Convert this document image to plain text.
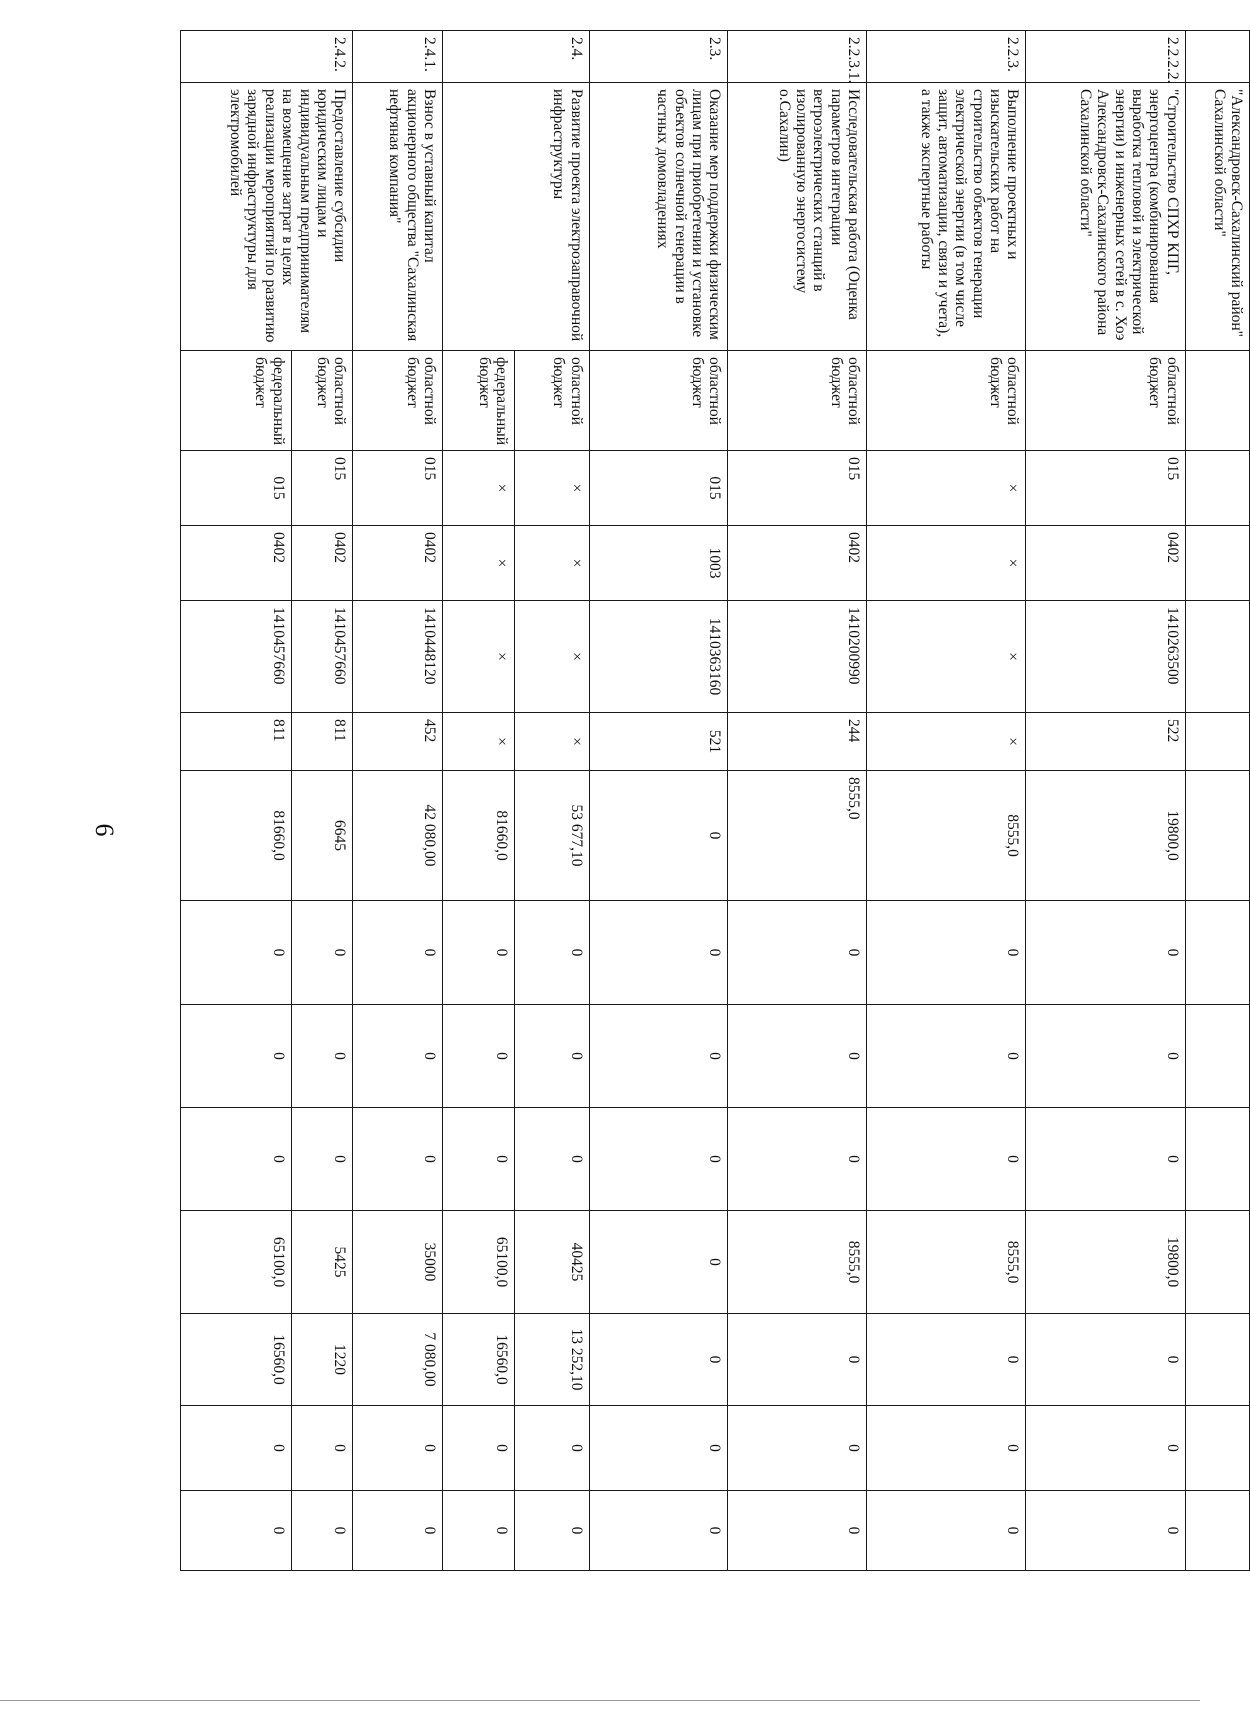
6
	"Александровск-Сахалинский район" Сахалинской области"													
2.2.2.2.	"Строительство СПХР КПГ, энергоцентра (комбинированная выработка тепловой и электрической энергии) и инженерных сетей в с. Хоэ Александровск-Сахалинского района Сахалинской области"	областной бюджет	015	0402	1410263500	522	19800,0	0	0	0	19800,0	0	0	0
2.2.3.	Выполнение проектных и изыскательских работ на строительство объектов генерации электрической энергии (в том числе защит, автоматизации, связи и учета), а также экспертные работы	областной бюджет	×	×	×	×	8555,0	0	0	0	8555,0	0	0	0
2.2.3.1.	Исследовательская работа (Оценка параметров интеграции ветроэлектрических станций в изолированную энергосистему о.Сахалин)	областной бюджет	015	0402	1410200990	244	8555,0	0	0	0	8555,0	0	0	0
2.3.	Оказание мер поддержки физическим лицам при приобретении и установке объектов солнечной генерации в частных домовладениях	областной бюджет	015	1003	1410363160	521	0	0	0	0	0	0	0	0
2.4.	Развитие проекта электрозаправочной инфраструктуры	областной бюджет	×	×	×	×	53 677,10	0	0	0	40425	13 252,10	0	0
		федеральный бюджет	×	×	×	×	81660,0	0	0	0	65100,0	16560,0	0	0
2.4.1.	Взнос в уставный капитал акционерного общества "Сахалинская нефтяная компания"	областной бюджет	015	0402	1410448120	452	42 080,00	0	0	0	35000	7 080,00	0	0
2.4.2.	Предоставление субсидии юридическим лицам и индивидуальным предпринимателям на возмещение затрат в целях реализации мероприятий по развитию зарядной инфраструктуры для электромобилей	областной бюджет	015	0402	1410457660	811	6645	0	0	0	5425	1220	0	0
		федеральный бюджет	015	0402	1410457660	811	81660,0	0	0	0	65100,0	16560,0	0	0
